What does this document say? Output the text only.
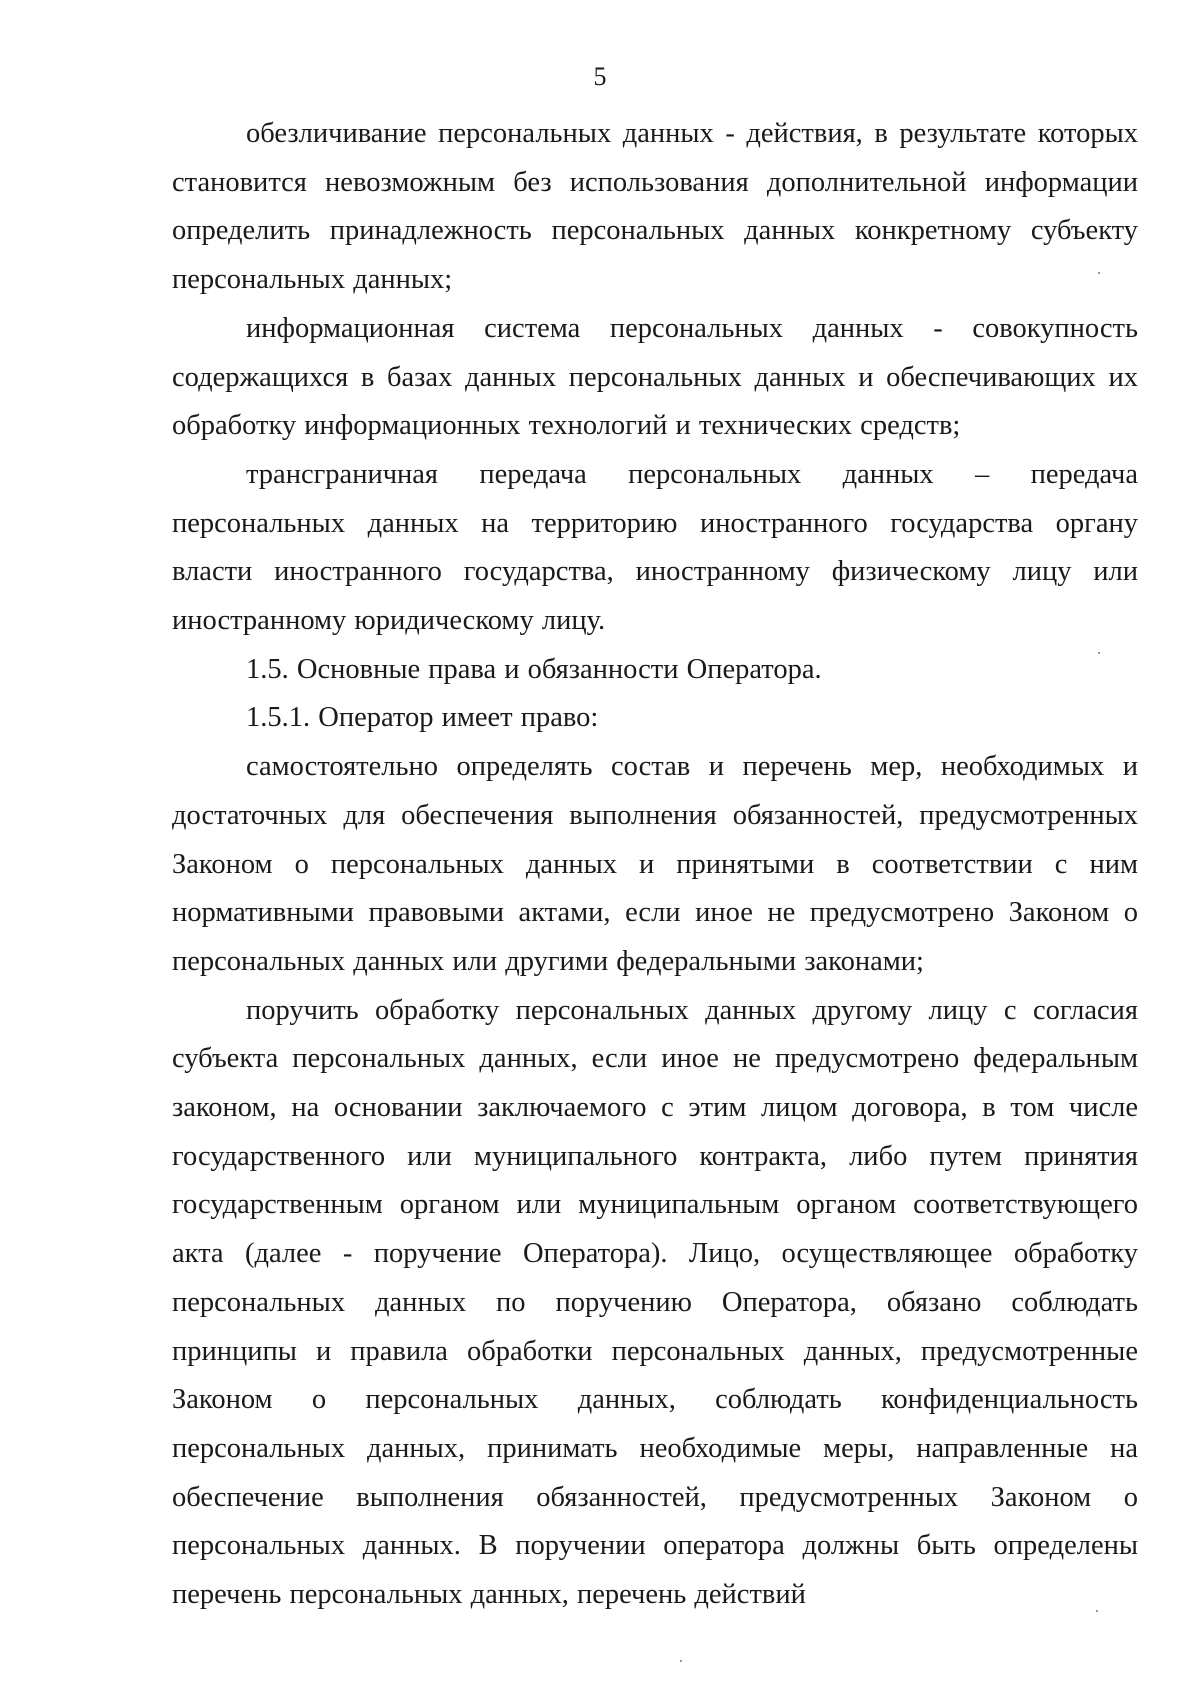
5

обезличивание персональных данных - действия, в результате которых становится невозможным без использования дополнительной информации определить принадлежность персональных данных конкретному субъекту персональных данных;

информационная система персональных данных - совокупность содержащихся в базах данных персональных данных и обеспечивающих их обработку информационных технологий и технических средств;

трансграничная передача персональных данных – передача персональных данных на территорию иностранного государства органу власти иностранного государства, иностранному физическому лицу или иностранному юридическому лицу.

1.5. Основные права и обязанности Оператора.

1.5.1. Оператор имеет право:

самостоятельно определять состав и перечень мер, необходимых и достаточных для обеспечения выполнения обязанностей, предусмотренных Законом о персональных данных и принятыми в соответствии с ним нормативными правовыми актами, если иное не предусмотрено Законом о персональных данных или другими федеральными законами;

поручить обработку персональных данных другому лицу с согласия субъекта персональных данных, если иное не предусмотрено федеральным законом, на основании заключаемого с этим лицом договора, в том числе государственного или муниципального контракта, либо путем принятия государственным органом или муниципальным органом соответствующего акта (далее - поручение Оператора). Лицо, осуществляющее обработку персональных данных по поручению Оператора, обязано соблюдать принципы и правила обработки персональных данных, предусмотренные Законом о персональных данных, соблюдать конфиденциальность персональных данных, принимать необходимые меры, направленные на обеспечение выполнения обязанностей, предусмотренных Законом о персональных данных. В поручении оператора должны быть определены перечень персональных данных, перечень действий
